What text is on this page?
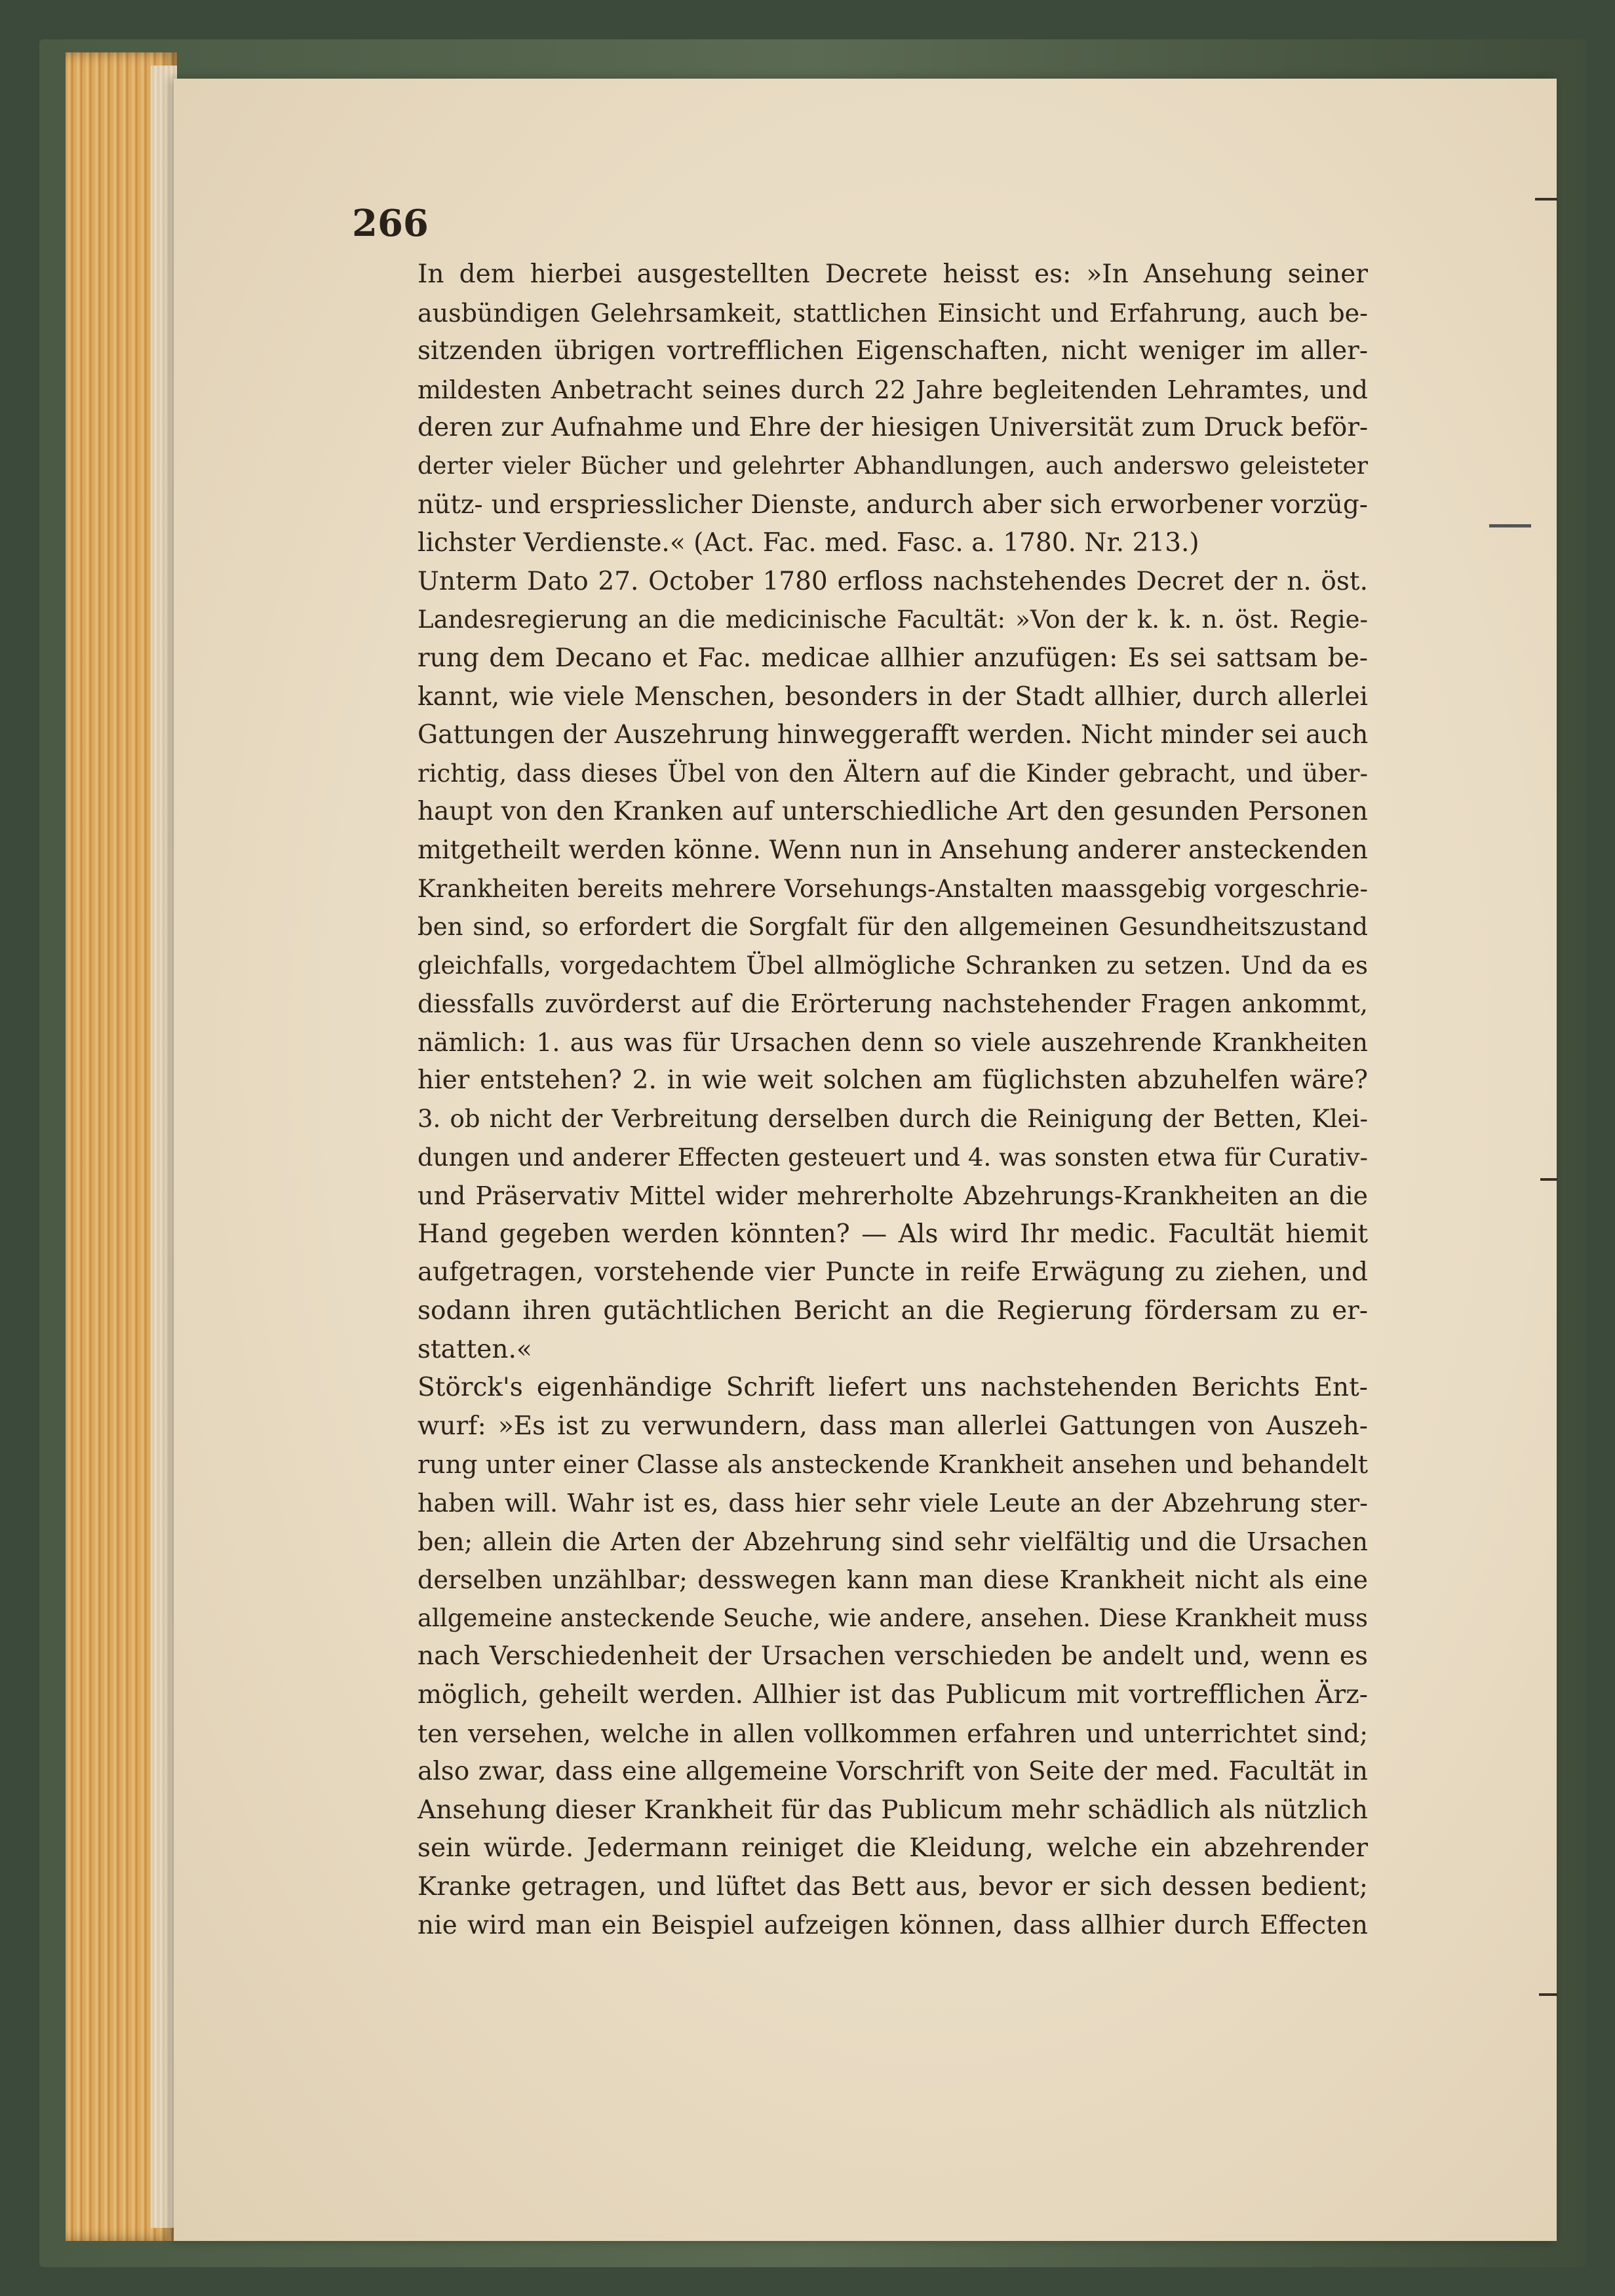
266
In dem hierbei ausgestellten Decrete heisst es: »In Ansehung seiner
ausbündigen Gelehrsamkeit, stattlichen Einsicht und Erfahrung, auch be-
sitzenden übrigen vortrefflichen Eigenschaften, nicht weniger im aller-
mildesten Anbetracht seines durch 22 Jahre begleitenden Lehramtes, und
deren zur Aufnahme und Ehre der hiesigen Universität zum Druck beför-
derter vieler Bücher und gelehrter Abhandlungen, auch anderswo geleisteter
nütz- und erspriesslicher Dienste, andurch aber sich erworbener vorzüg-
lichster Verdienste.« (Act. Fac. med. Fasc. a. 1780. Nr. 213.)
Unterm Dato 27. October 1780 erfloss nachstehendes Decret der n. öst.
Landesregierung an die medicinische Facultät: »Von der k. k. n. öst. Regie-
rung dem Decano et Fac. medicae allhier anzufügen: Es sei sattsam be-
kannt, wie viele Menschen, besonders in der Stadt allhier, durch allerlei
Gattungen der Auszehrung hinweggerafft werden. Nicht minder sei auch
richtig, dass dieses Übel von den Ältern auf die Kinder gebracht, und über-
haupt von den Kranken auf unterschiedliche Art den gesunden Personen
mitgetheilt werden könne. Wenn nun in Ansehung anderer ansteckenden
Krankheiten bereits mehrere Vorsehungs-Anstalten maassgebig vorgeschrie-
ben sind, so erfordert die Sorgfalt für den allgemeinen Gesundheitszustand
gleichfalls, vorgedachtem Übel allmögliche Schranken zu setzen. Und da es
diessfalls zuvörderst auf die Erörterung nachstehender Fragen ankommt,
nämlich: 1. aus was für Ursachen denn so viele auszehrende Krankheiten
hier entstehen? 2. in wie weit solchen am füglichsten abzuhelfen wäre?
3. ob nicht der Verbreitung derselben durch die Reinigung der Betten, Klei-
dungen und anderer Effecten gesteuert und 4. was sonsten etwa für Curativ-
und Präservativ Mittel wider mehrerholte Abzehrungs-Krankheiten an die
Hand gegeben werden könnten? — Als wird Ihr medic. Facultät hiemit
aufgetragen, vorstehende vier Puncte in reife Erwägung zu ziehen, und
sodann ihren gutächtlichen Bericht an die Regierung fördersam zu er-
statten.«
Störck's eigenhändige Schrift liefert uns nachstehenden Berichts Ent-
wurf: »Es ist zu verwundern, dass man allerlei Gattungen von Auszeh-
rung unter einer Classe als ansteckende Krankheit ansehen und behandelt
haben will. Wahr ist es, dass hier sehr viele Leute an der Abzehrung ster-
ben; allein die Arten der Abzehrung sind sehr vielfältig und die Ursachen
derselben unzählbar; desswegen kann man diese Krankheit nicht als eine
allgemeine ansteckende Seuche, wie andere, ansehen. Diese Krankheit muss
nach Verschiedenheit der Ursachen verschieden be andelt und, wenn es
möglich, geheilt werden. Allhier ist das Publicum mit vortrefflichen Ärz-
ten versehen, welche in allen vollkommen erfahren und unterrichtet sind;
also zwar, dass eine allgemeine Vorschrift von Seite der med. Facultät in
Ansehung dieser Krankheit für das Publicum mehr schädlich als nützlich
sein würde. Jedermann reiniget die Kleidung, welche ein abzehrender
Kranke getragen, und lüftet das Bett aus, bevor er sich dessen bedient;
nie wird man ein Beispiel aufzeigen können, dass allhier durch Effecten
